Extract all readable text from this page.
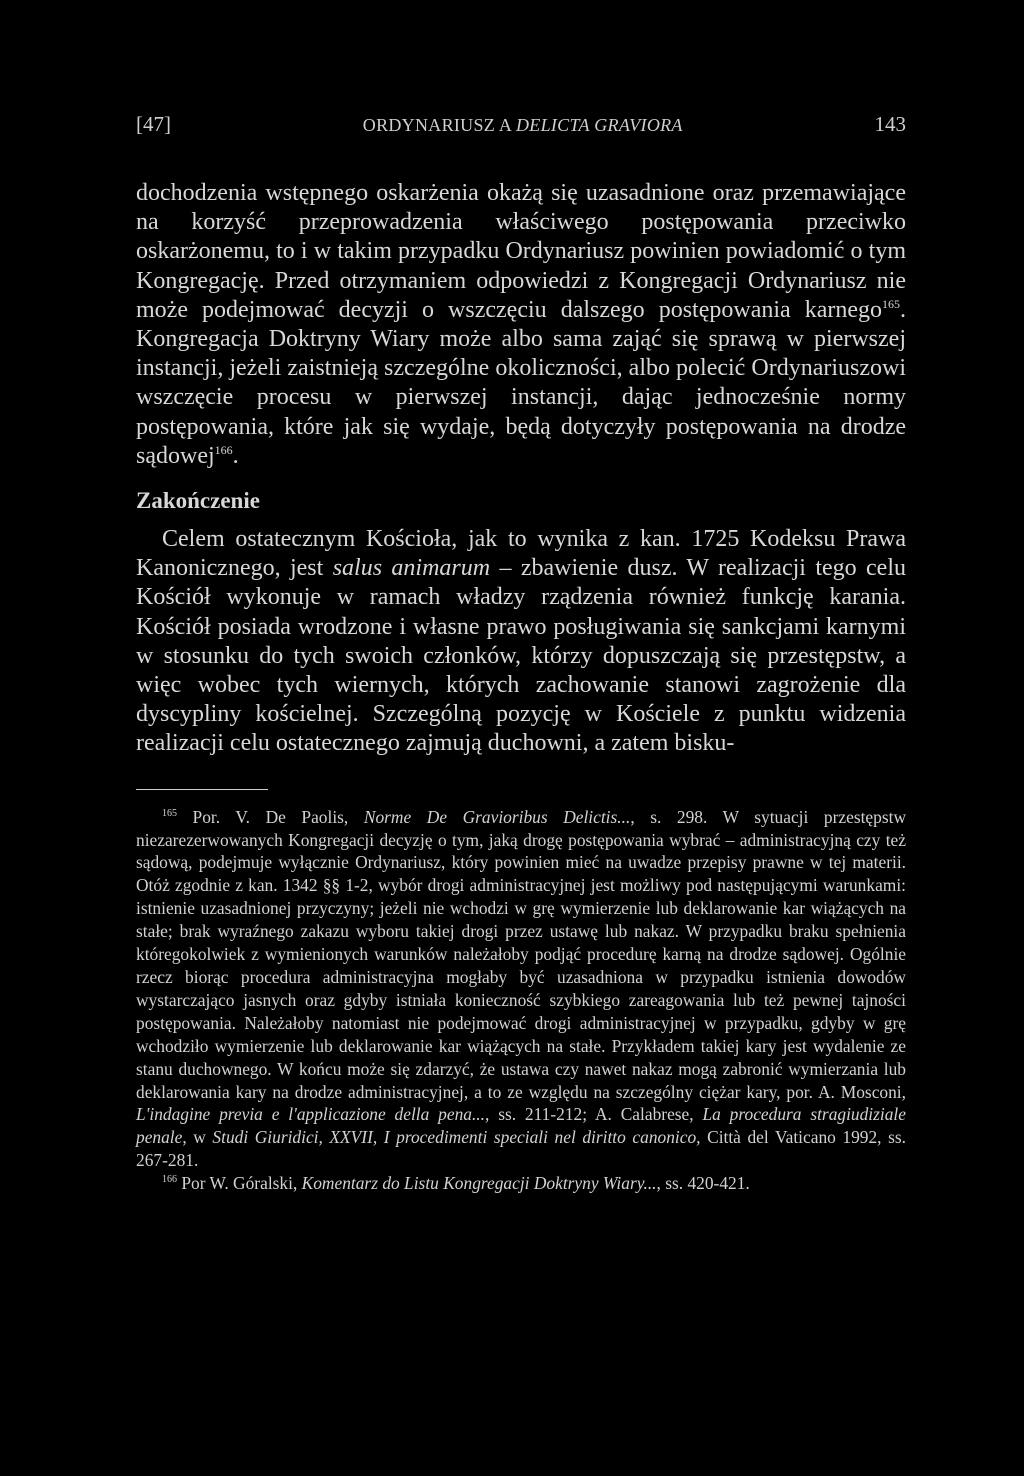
[47]	ORDYNARIUSZ A DELICTA GRAVIORA	143

dochodzenia wstępnego oskarżenia okażą się uzasadnione oraz przemawiające na korzyść przeprowadzenia właściwego postępowania przeciwko oskarżonemu, to i w takim przypadku Ordynariusz powinien powiadomić o tym Kongregację. Przed otrzymaniem odpowiedzi z Kongregacji Ordynariusz nie może podejmować decyzji o wszczęciu dalszego postępowania karnego$^{165}$. Kongregacja Doktryny Wiary może albo sama zająć się sprawą w pierwszej instancji, jeżeli zaistnieją szczególne okoliczności, albo polecić Ordynariuszowi wszczęcie procesu w pierwszej instancji, dając jednocześnie normy postępowania, które jak się wydaje, będą dotyczyły postępowania na drodze sądowej$^{166}$.

Zakończenie

Celem ostatecznym Kościoła, jak to wynika z kan. 1725 Kodeksu Prawa Kanonicznego, jest salus animarum – zbawienie dusz. W realizacji tego celu Kościół wykonuje w ramach władzy rządzenia również funkcję karania. Kościół posiada wrodzone i własne prawo posługiwania się sankcjami karnymi w stosunku do tych swoich członków, którzy dopuszczają się przestępstw, a więc wobec tych wiernych, których zachowanie stanowi zagrożenie dla dyscypliny kościelnej. Szczególną pozycję w Kościele z punktu widzenia realizacji celu ostatecznego zajmują duchowni, a zatem bisku-

$^{165}$ Por. V. De Paolis, Norme De Gravioribus Delictis..., s. 298. W sytuacji przestępstw niezarezerwowanych Kongregacji decyzję o tym, jaką drogę postępowania wybrać – administracyjną czy też sądową, podejmuje wyłącznie Ordynariusz, który powinien mieć na uwadze przepisy prawne w tej materii. Otóż zgodnie z kan. 1342 §§ 1-2, wybór drogi administracyjnej jest możliwy pod następującymi warunkami: istnienie uzasadnionej przyczyny; jeżeli nie wchodzi w grę wymierzenie lub deklarowanie kar wiążących na stałe; brak wyraźnego zakazu wyboru takiej drogi przez ustawę lub nakaz. W przypadku braku spełnienia któregokolwiek z wymienionych warunków należałoby podjąć procedurę karną na drodze sądowej. Ogólnie rzecz biorąc procedura administracyjna mogłaby być uzasadniona w przypadku istnienia dowodów wystarczająco jasnych oraz gdyby istniała konieczność szybkiego zareagowania lub też pewnej tajności postępowania. Należałoby natomiast nie podejmować drogi administracyjnej w przypadku, gdyby w grę wchodziło wymierzenie lub deklarowanie kar wiążących na stałe. Przykładem takiej kary jest wydalenie ze stanu duchownego. W końcu może się zdarzyć, że ustawa czy nawet nakaz mogą zabronić wymierzania lub deklarowania kary na drodze administracyjnej, a to ze względu na szczególny ciężar kary, por. A. Mosconi, L'indagine previa e l'applicazione della pena..., ss. 211-212; A. Calabrese, La procedura stragiudiziale penale, w Studi Giuridici, XXVII, I procedimenti speciali nel diritto canonico, Città del Vaticano 1992, ss. 267-281.

$^{166}$ Por W. Góralski, Komentarz do Listu Kongregacji Doktryny Wiary..., ss. 420-421.
